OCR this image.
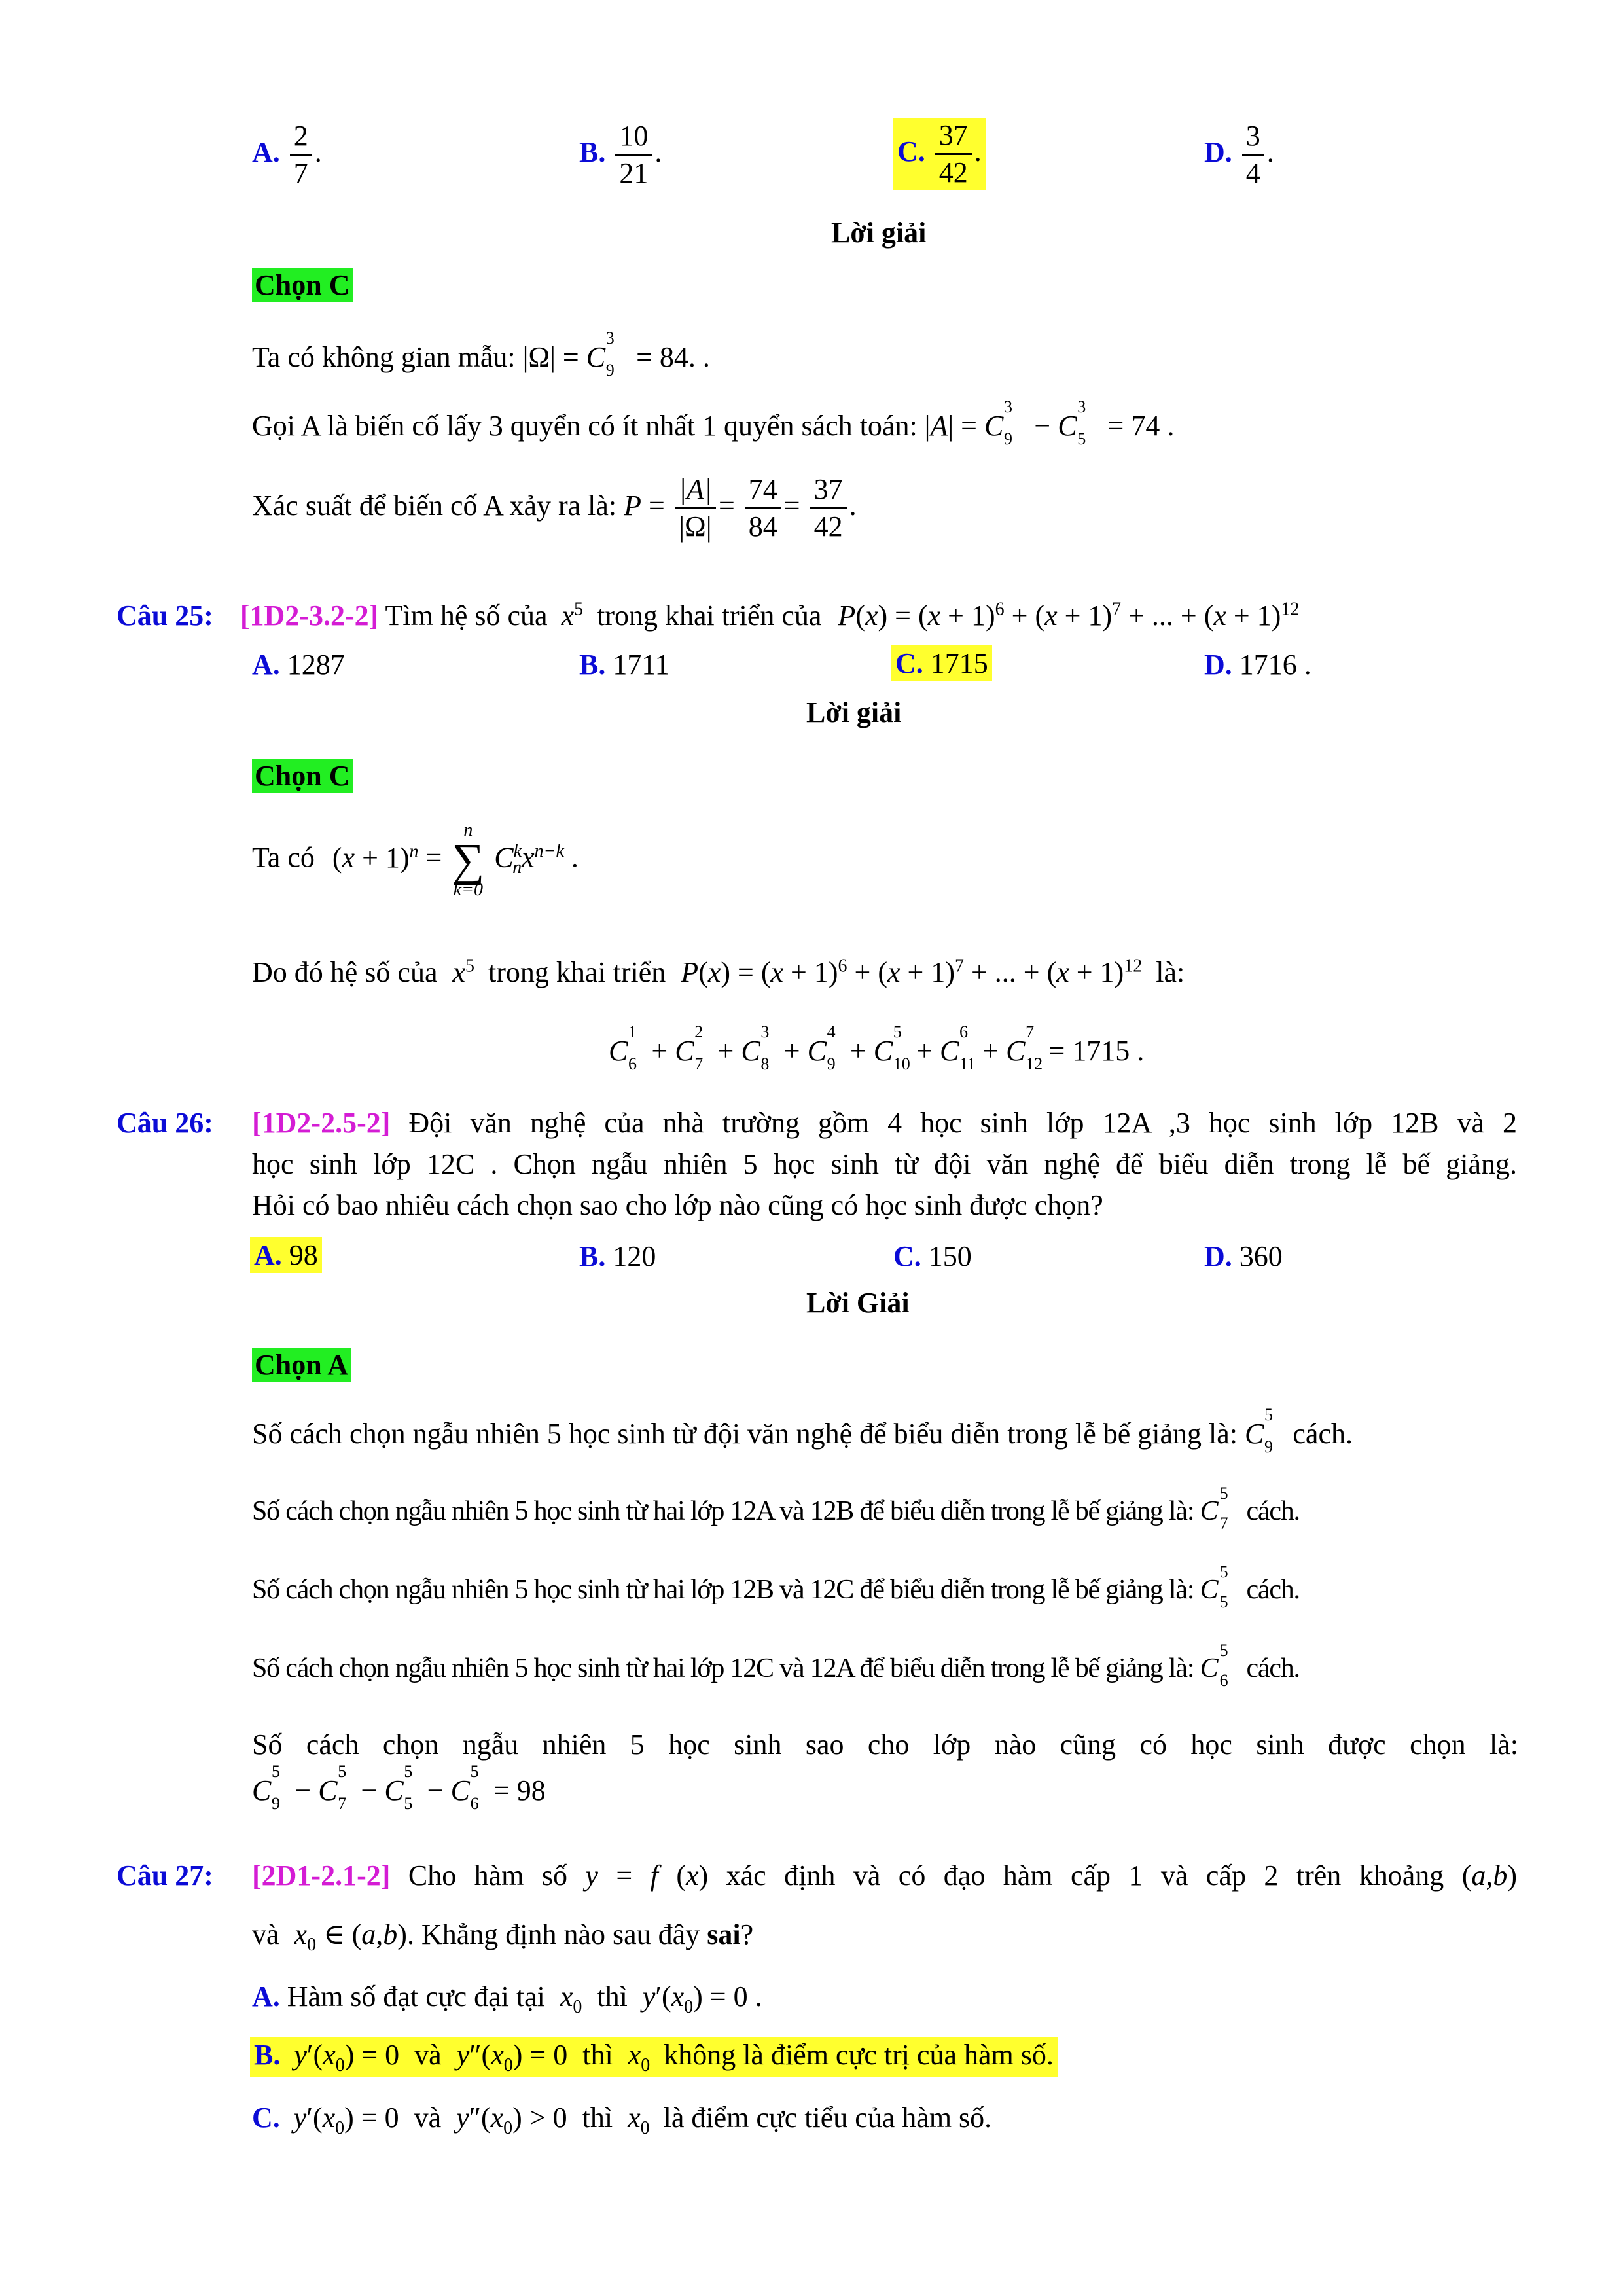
A. $\frac{2}{7}$ .	B. $\frac{10}{21}$ .	C. $\frac{37}{42}$ .	D. $\frac{3}{4}$ .
Lời giải
Chọn C
Ta có không gian mẫu: |Ω| = C
3
9 = 84. .
Gọi A là biến cố lấy 3 quyển có ít nhất 1 quyển sách toán: |A| = C
3
9 − C
3
5 = 74 .
Xác suất để biến cố A xảy ra là: $P = \frac{|A|}{|\Omega|} = \frac{74}{84} = \frac{37}{42}$ .
Câu 25: [1D2-3.2-2] Tìm hệ số của $x^5$ trong khai triển của $P(x) = (x + 1)^6 + (x + 1)^7$ + ... + $(x + 1)^{12}$
A. 1287	B. 1711	C. 1715	D. 1716 .
Lời giải
Chọn C
Ta có $(x + 1)^n$ =
n
∑
k=0
$C^k_nx^{n-k}$ .
Do đó hệ số của $x^5$ trong khai triển $P(x) = (x + 1)^6 + (x + 1)^7$ + ... + $(x + 1)^{12}$ là:
C
1
6 + C
2
7 + C
3
8 + C
4
9 + C
5
10 + C
6
11 + C
7
12 = 1715 .
Câu 26:	[1D2-2.5-2] Đội văn nghệ của nhà trường gồm 4 học sinh lớp 12A ,3 học sinh lớp 12B và 2
học sinh lớp 12C . Chọn ngẫu nhiên 5 học sinh từ đội văn nghệ để biểu diễn trong lễ bế giảng.
Hỏi có bao nhiêu cách chọn sao cho lớp nào cũng có học sinh được chọn?
A. 98	B. 120	C. 150	D. 360
Lời Giải
Chọn A
Số cách chọn ngẫu nhiên 5 học sinh từ đội văn nghệ để biểu diễn trong lễ bế giảng là: C
5
9 cách.
Số cách chọn ngẫu nhiên 5 học sinh từ hai lớp 12A và 12B để biểu diễn trong lễ bế giảng là: C
5
7 cách.
Số cách chọn ngẫu nhiên 5 học sinh từ hai lớp 12B và 12C để biểu diễn trong lễ bế giảng là: C
5
5 cách.
Số cách chọn ngẫu nhiên 5 học sinh từ hai lớp 12C và 12A để biểu diễn trong lễ bế giảng là: C
5
6 cách.
Số cách chọn ngẫu nhiên 5 học sinh sao cho lớp nào cũng có học sinh được chọn là:
C
5
9 − C
5
7 − C
5
5 − C
5
6 = 98
Câu 27:	[2D1-2.1-2] Cho hàm số y = f (x) xác định và có đạo hàm cấp 1 và cấp 2 trên khoảng (a,b)
và $x_0$ ∈ (a,b). Khẳng định nào sau đây sai?
A. Hàm số đạt cực đại tại $x_0$ thì $y'(x_0) = 0$ .
B. $y'(x_0) = 0$ và $y''(x_0) = 0$ thì $x_0$ không là điểm cực trị của hàm số.
C. $y'(x_0) = 0$ và $y''(x_0) > 0$ thì $x_0$ là điểm cực tiểu của hàm số.
